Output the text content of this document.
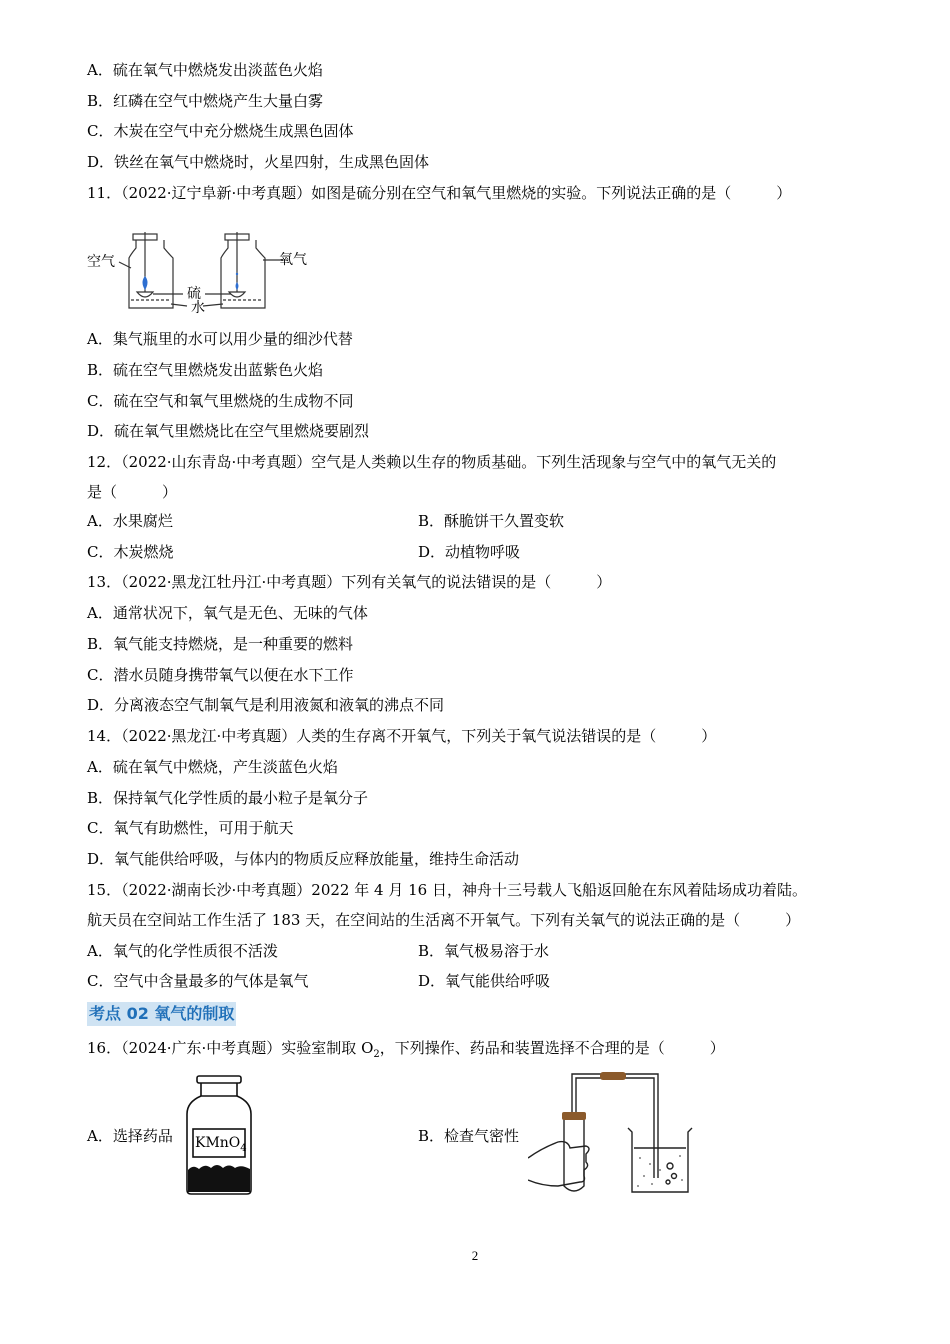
A．硫在氧气中燃烧发出淡蓝色火焰
B．红磷在空气中燃烧产生大量白雾
C．木炭在空气中充分燃烧生成黑色固体
D．铁丝在氧气中燃烧时，火星四射，生成黑色固体
11．（2022·辽宁阜新·中考真题）如图是硫分别在空气和氧气里燃烧的实验。下列说法正确的是（　　　）
空气	氧气
硫
水
A．集气瓶里的水可以用少量的细沙代替
B．硫在空气里燃烧发出蓝紫色火焰
C．硫在空气和氧气里燃烧的生成物不同
D．硫在氧气里燃烧比在空气里燃烧要剧烈
12．（2022·山东青岛·中考真题）空气是人类赖以生存的物质基础。下列生活现象与空气中的氧气无关的
是（　　　）
A．水果腐烂	B．酥脆饼干久置变软
C．木炭燃烧	D．动植物呼吸
13．（2022·黑龙江牡丹江·中考真题）下列有关氧气的说法错误的是（　　　）
A．通常状况下，氧气是无色、无味的气体
B．氧气能支持燃烧，是一种重要的燃料
C．潜水员随身携带氧气以便在水下工作
D．分离液态空气制氧气是利用液氮和液氧的沸点不同
14．（2022·黑龙江·中考真题）人类的生存离不开氧气，下列关于氧气说法错误的是（　　　）
A．硫在氧气中燃烧，产生淡蓝色火焰
B．保持氧气化学性质的最小粒子是氧分子
C．氧气有助燃性，可用于航天
D．氧气能供给呼吸，与体内的物质反应释放能量，维持生命活动
15．（2022·湖南长沙·中考真题）2022 年 4 月 16 日，神舟十三号载人飞船返回舱在东风着陆场成功着陆。
航天员在空间站工作生活了 183 天，在空间站的生活离不开氧气。下列有关氧气的说法正确的是（　　　）
A．氧气的化学性质很不活泼	B．氧气极易溶于水
C．空气中含量最多的气体是氧气	D．氧气能供给呼吸
考点 02 氧气的制取
16．（2024·广东·中考真题）实验室制取 $O_2$，下列操作、药品和装置选择不合理的是（　　　）
A．选择药品 KMnO$_4$
B．检查气密性
2
